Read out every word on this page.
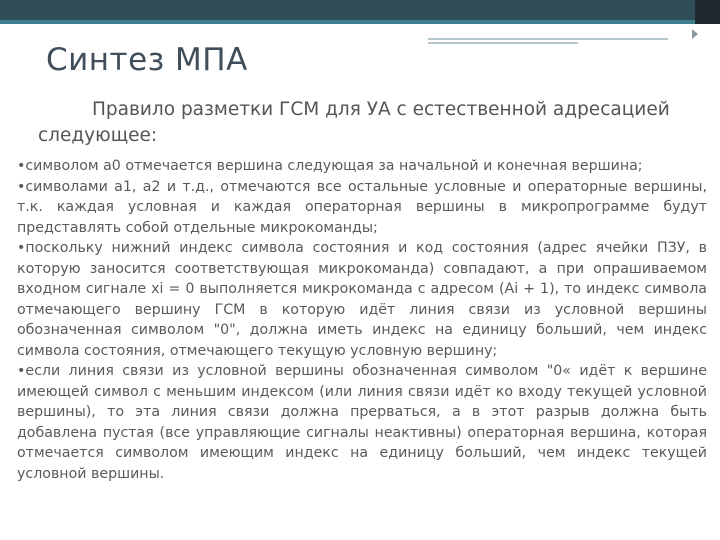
Синтез МПА

Правило разметки ГСМ для УА с естественной адресацией следующее:

•символом а0 отмечается вершина следующая за начальной и конечная вершина;

•символами а1, а2 и т.д., отмечаются все остальные условные и операторные вершины, т.к. каждая условная и каждая операторная вершины в микропрограмме будут представлять собой отдельные микрокоманды;

•поскольку нижний индекс символа состояния и код состояния (адрес ячейки ПЗУ, в которую заносится соответствующая микрокоманда) совпадают, а при опрашиваемом входном сигнале xi = 0 выполняется микрокоманда с адресом (Ai + 1), то индекс символа отмечающего вершину ГСМ в которую идёт линия связи из условной вершины обозначенная символом "0", должна иметь индекс на единицу больший, чем индекс символа состояния, отмечающего текущую условную вершину;

•если линия связи из условной вершины обозначенная символом "0« идёт к вершине имеющей символ с меньшим индексом (или линия связи идёт ко входу текущей условной вершины), то эта линия связи должна прерваться, а в этот разрыв должна быть добавлена пустая (все управляющие сигналы неактивны) операторная вершина, которая отмечается символом имеющим индекс на единицу больший, чем индекс текущей условной вершины.
